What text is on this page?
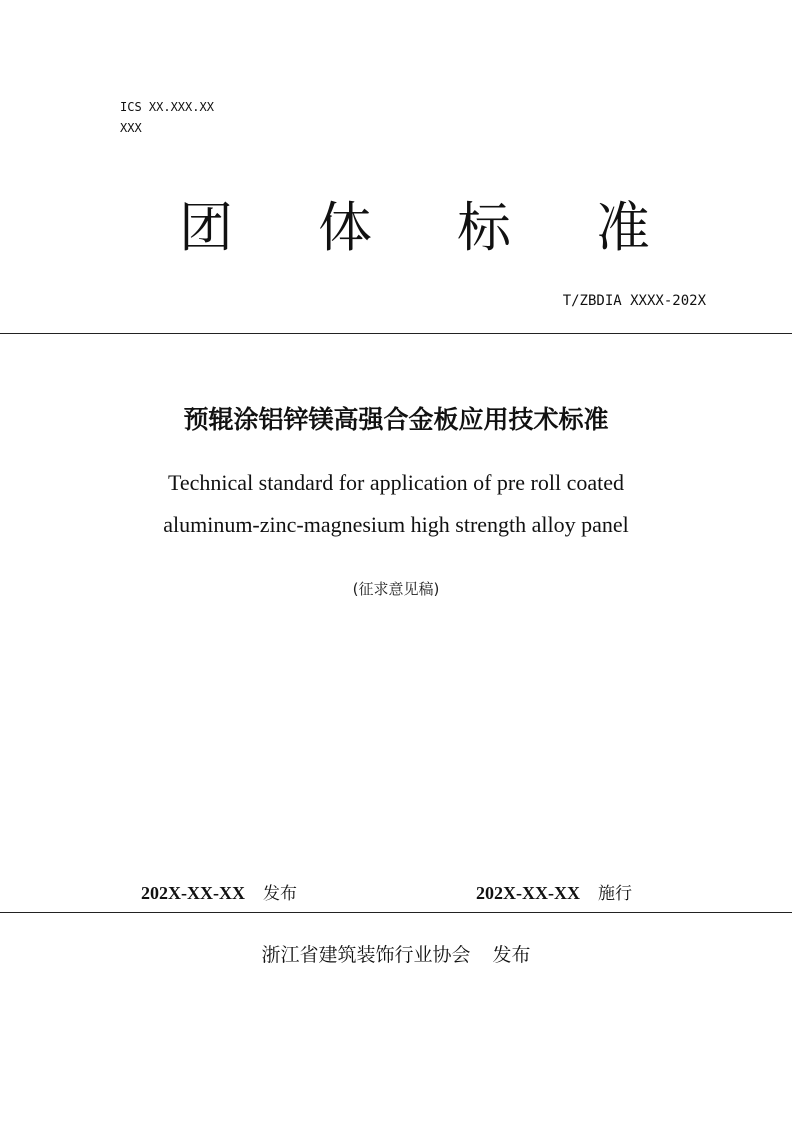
ICS XX.XXX.XX
XXX
团 体 标 准
T/ZBDIA XXXX-202X
预辊涂铝锌镁高强合金板应用技术标准
Technical standard for application of pre roll coated
aluminum-zinc-magnesium high strength alloy panel
(征求意见稿)
202X-XX-XX 发布	202X-XX-XX 施行
浙江省建筑装饰行业协会 发布
